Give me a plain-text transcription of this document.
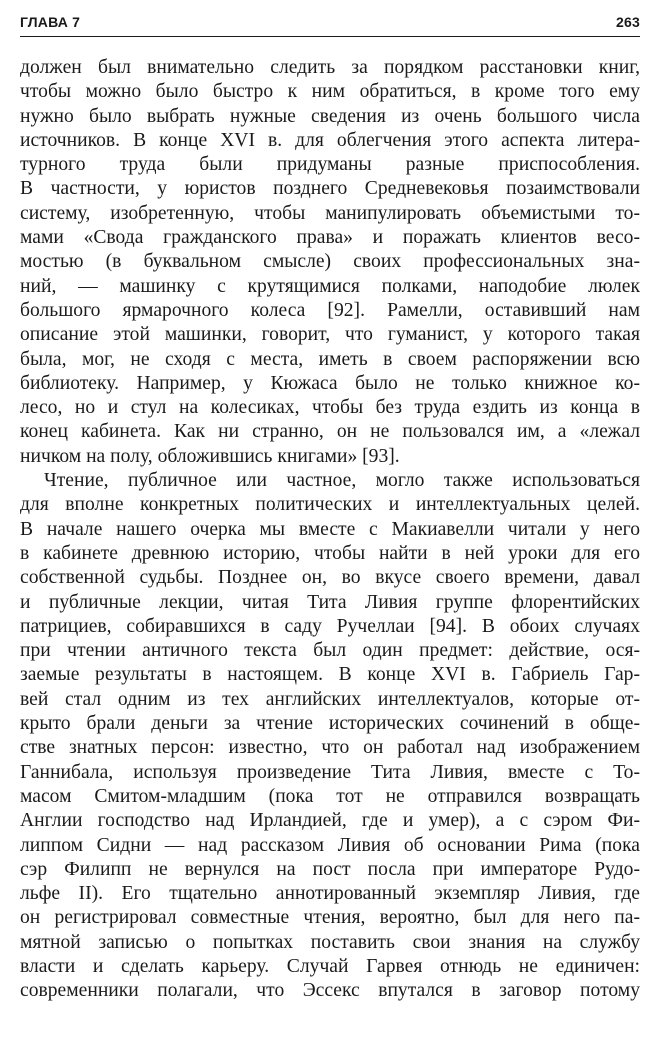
ГЛАВА 7	263

должен был внимательно следить за порядком расстановки книг,
чтобы можно было быстро к ним обратиться, в кроме того ему
нужно было выбрать нужные сведения из очень большого числа
источников. В конце XVI в. для облегчения этого аспекта литера-
турного труда были придуманы разные приспособления.
В частности, у юристов позднего Средневековья позаимствовали
систему, изобретенную, чтобы манипулировать объемистыми то-
мами «Свода гражданского права» и поражать клиентов весо-
мостью (в буквальном смысле) своих профессиональных зна-
ний, — машинку с крутящимися полками, наподобие люлек
большого ярмарочного колеса [92]. Рамелли, оставивший нам
описание этой машинки, говорит, что гуманист, у которого такая
была, мог, не сходя с места, иметь в своем распоряжении всю
библиотеку. Например, у Кюжаса было не только книжное ко-
лесо, но и стул на колесиках, чтобы без труда ездить из конца в
конец кабинета. Как ни странно, он не пользовался им, а «лежал
ничком на полу, обложившись книгами» [93].

Чтение, публичное или частное, могло также использоваться
для вполне конкретных политических и интеллектуальных целей.
В начале нашего очерка мы вместе с Макиавелли читали у него
в кабинете древнюю историю, чтобы найти в ней уроки для его
собственной судьбы. Позднее он, во вкусе своего времени, давал
и публичные лекции, читая Тита Ливия группе флорентийских
патрициев, собиравшихся в саду Ручеллаи [94]. В обоих случаях
при чтении античного текста был один предмет: действие, ося-
заемые результаты в настоящем. В конце XVI в. Габриель Гар-
вей стал одним из тех английских интеллектуалов, которые от-
крыто брали деньги за чтение исторических сочинений в обще-
стве знатных персон: известно, что он работал над изображением
Ганнибала, используя произведение Тита Ливия, вместе с То-
масом Смитом-младшим (пока тот не отправился возвращать
Англии господство над Ирландией, где и умер), а с сэром Фи-
липпом Сидни — над рассказом Ливия об основании Рима (пока
сэр Филипп не вернулся на пост посла при императоре Рудо-
льфе II). Его тщательно аннотированный экземпляр Ливия, где
он регистрировал совместные чтения, вероятно, был для него па-
мятной записью о попытках поставить свои знания на службу
власти и сделать карьеру. Случай Гарвея отнюдь не единичен:
современники полагали, что Эссекс впутался в заговор потому
